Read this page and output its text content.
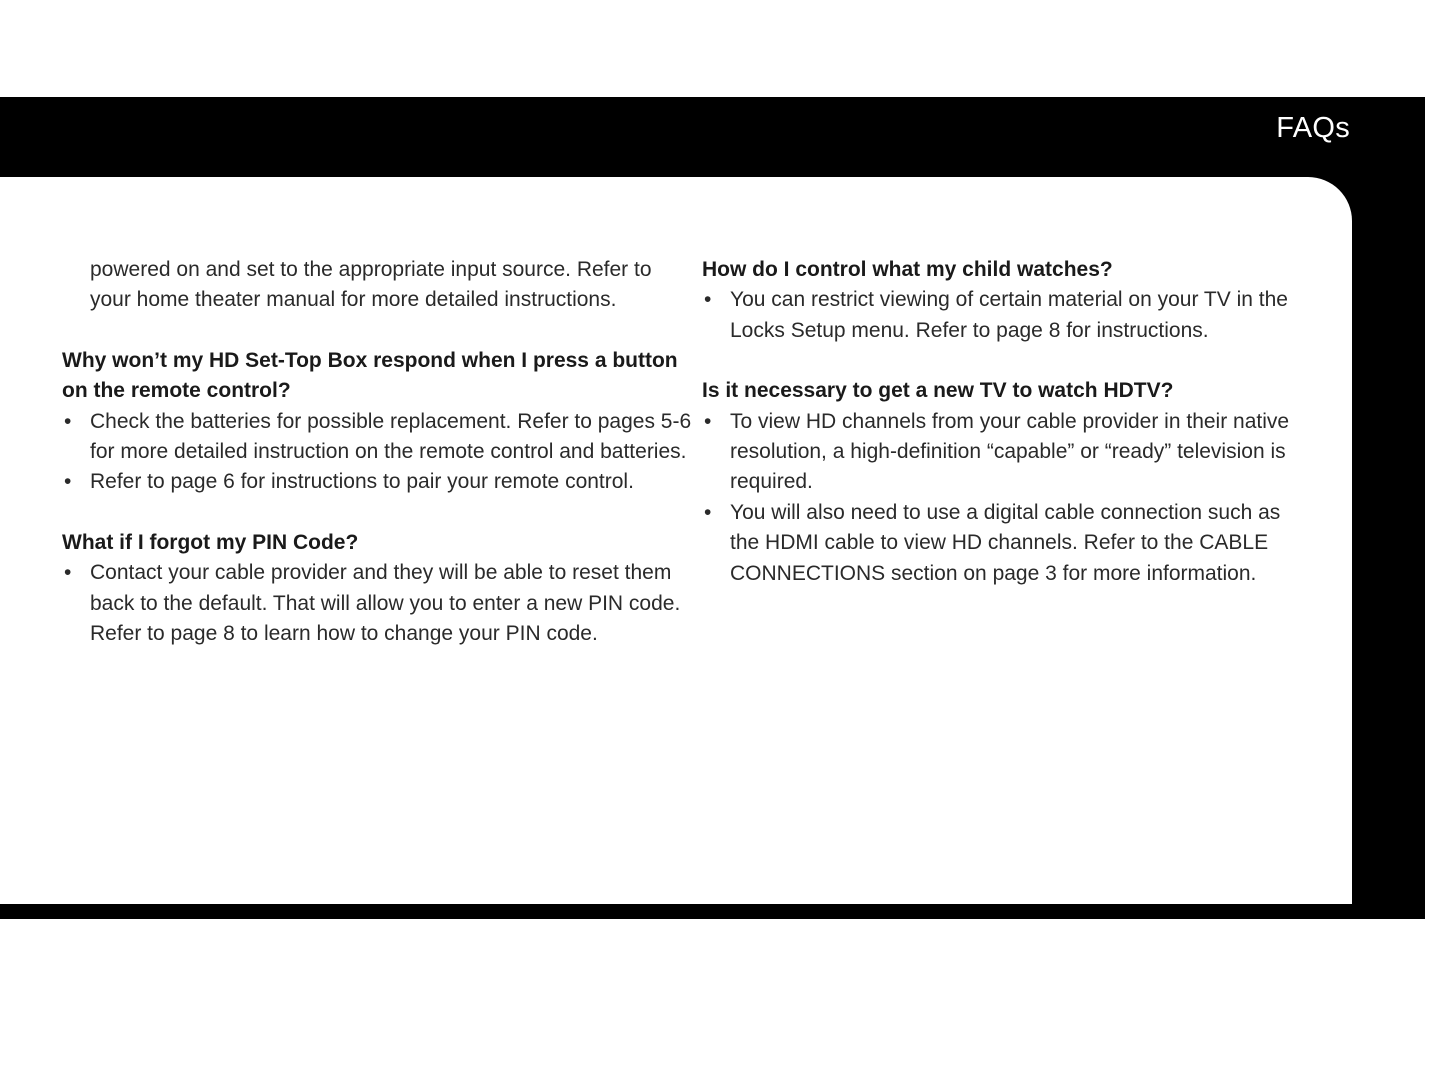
FAQs

powered on and set to the appropriate input source. Refer to your home theater manual for more detailed instructions.

Why won’t my HD Set-Top Box respond when I press a button on the remote control?

• Check the batteries for possible replacement. Refer to pages 5-6 for more detailed instruction on the remote control and batteries.
• Refer to page 6 for instructions to pair your remote control.

What if I forgot my PIN Code?

• Contact your cable provider and they will be able to reset them back to the default. That will allow you to enter a new PIN code. Refer to page 8 to learn how to change your PIN code.

How do I control what my child watches?

• You can restrict viewing of certain material on your TV in the Locks Setup menu. Refer to page 8 for instructions.

Is it necessary to get a new TV to watch HDTV?

• To view HD channels from your cable provider in their native resolution, a high-definition “capable” or “ready” television is required.
• You will also need to use a digital cable connection such as the HDMI cable to view HD channels. Refer to the CABLE CONNECTIONS section on page 3 for more information.
